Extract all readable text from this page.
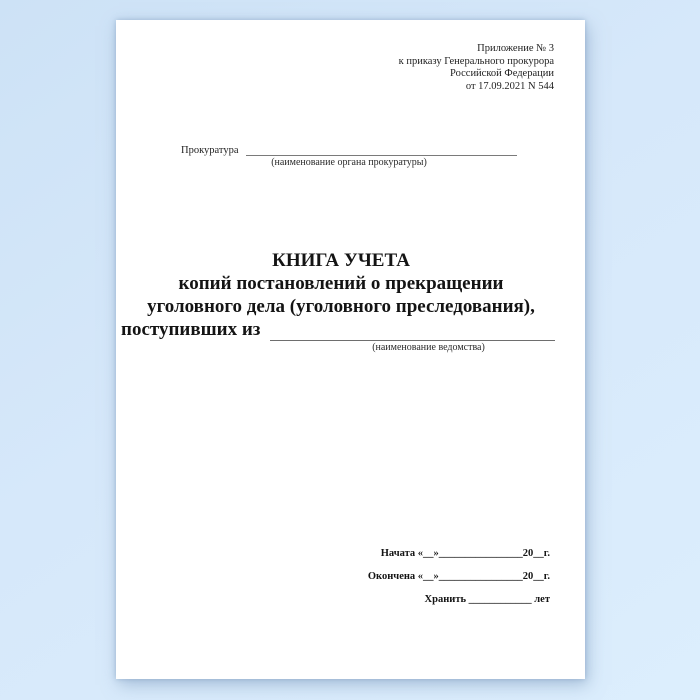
Приложение № 3
к приказу Генерального прокурора
Российской Федерации
от 17.09.2021 N 544
Прокуратура
(наименование органа прокуратуры)
КНИГА УЧЕТА
копий постановлений о прекращении
уголовного дела (уголовного преследования),
поступивших из
(наименование ведомства)
Начата «__»________________20__г.
Окончена «__»________________20__г.
Хранить ____________ лет
